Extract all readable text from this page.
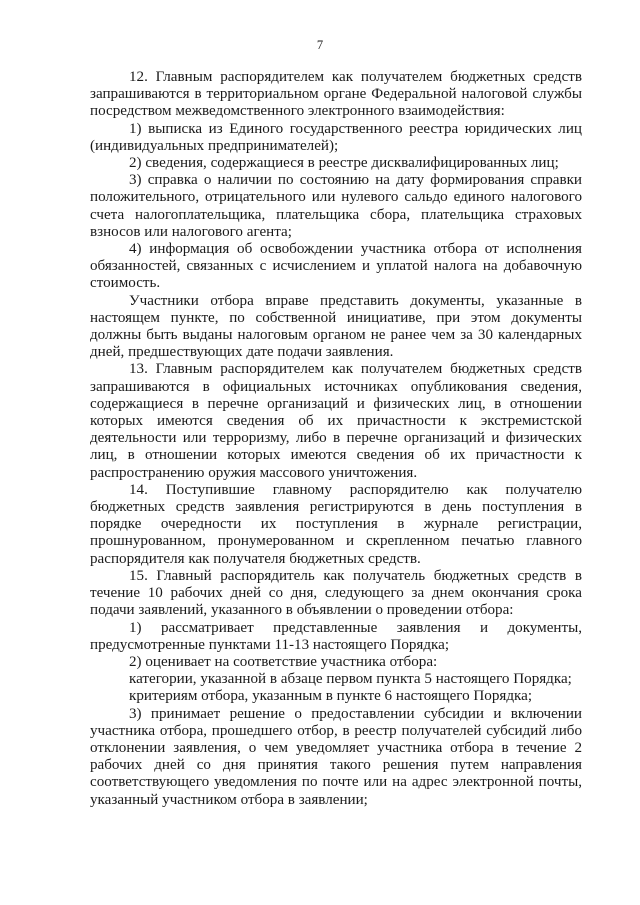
7

12. Главным распорядителем как получателем бюджетных средств запрашиваются в территориальном органе Федеральной налоговой службы посредством межведомственного электронного взаимодействия:

1) выписка из Единого государственного реестра юридических лиц (индивидуальных предпринимателей);

2) сведения, содержащиеся в реестре дисквалифицированных лиц;

3) справка о наличии по состоянию на дату формирования справки положительного, отрицательного или нулевого сальдо единого налогового счета налогоплательщика, плательщика сбора, плательщика страховых взносов или налогового агента;

4) информация об освобождении участника отбора от исполнения обязанностей, связанных с исчислением и уплатой налога на добавочную стоимость.

Участники отбора вправе представить документы, указанные в настоящем пункте, по собственной инициативе, при этом документы должны быть выданы налоговым органом не ранее чем за 30 календарных дней, предшествующих дате подачи заявления.

13. Главным распорядителем как получателем бюджетных средств запрашиваются в официальных источниках опубликования сведения, содержащиеся в перечне организаций и физических лиц, в отношении которых имеются сведения об их причастности к экстремистской деятельности или терроризму, либо в перечне организаций и физических лиц, в отношении которых имеются сведения об их причастности к распространению оружия массового уничтожения.

14. Поступившие главному распорядителю как получателю бюджетных средств заявления регистрируются в день поступления в порядке очередности их поступления в журнале регистрации, прошнурованном, пронумерованном и скрепленном печатью главного распорядителя как получателя бюджетных средств.

15. Главный распорядитель как получатель бюджетных средств в течение 10 рабочих дней со дня, следующего за днем окончания срока подачи заявлений, указанного в объявлении о проведении отбора:

1) рассматривает представленные заявления и документы, предусмотренные пунктами 11-13 настоящего Порядка;

2) оценивает на соответствие участника отбора:

категории, указанной в абзаце первом пункта 5 настоящего Порядка;

критериям отбора, указанным в пункте 6 настоящего Порядка;

3) принимает решение о предоставлении субсидии и включении участника отбора, прошедшего отбор, в реестр получателей субсидий либо отклонении заявления, о чем уведомляет участника отбора в течение 2 рабочих дней со дня принятия такого решения путем направления соответствующего уведомления по почте или на адрес электронной почты, указанный участником отбора в заявлении;
